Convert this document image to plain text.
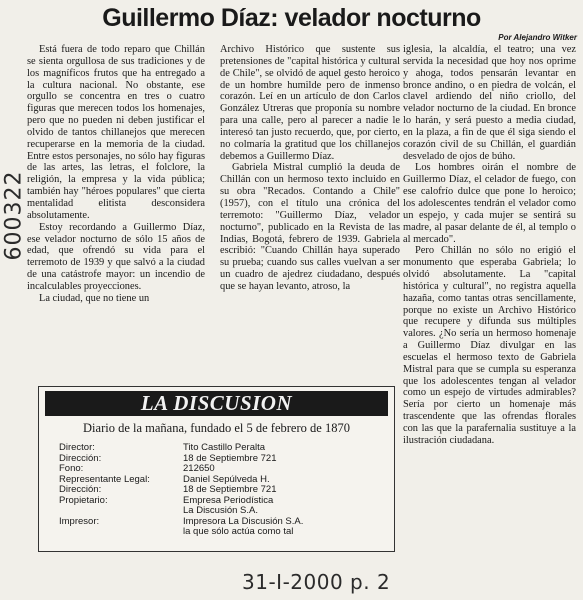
Guillermo Díaz: velador nocturno
Por Alejandro Witker
600322

Está fuera de todo reparo que Chillán se sienta orgullosa de sus tradiciones y de los magníficos frutos que ha entregado a la cultura nacional. No obstante, ese orgullo se concentra en tres o cuatro figuras que merecen todos los homenajes, pero que no pueden ni deben justificar el olvido de tantos chillanejos que merecen recuperarse en la memoria de la ciudad. Entre estos personajes, no sólo hay figuras de las artes, las letras, el folclore, la religión, la empresa y la vida pública; también hay "héroes populares" que cierta mentalidad elitista desconsidera absolutamente.

Estoy recordando a Guillermo Díaz, ese velador nocturno de sólo 15 años de edad, que ofrendó su vida para el terremoto de 1939 y que salvó a la ciudad de una catástrofe mayor: un incendio de incalculables proyecciones.

La ciudad, que no tiene un

Archivo Histórico que sustente sus pretensiones de "capital histórica y cultural de Chile", se olvidó de aquel gesto heroico de un hombre humilde pero de inmenso corazón. Leí en un artículo de don Carlos González Utreras que proponía su nombre para una calle, pero al parecer a nadie le interesó tan justo recuerdo, que, por cierto, no colmaría la gratitud que los chillanejos debemos a Guillermo Díaz.

Gabriela Mistral cumplió la deuda de Chillán con un hermoso texto incluido en su obra "Recados. Contando a Chile" (1957), con el título una crónica del terremoto: "Guillermo Díaz, velador nocturno", publicado en la Revista de las Indias, Bogotá, febrero de 1939. Gabriela escribió: "Cuando Chillán haya superado su prueba; cuando sus calles vuelvan a ser un cuadro de ajedrez ciudadano, después que se hayan levanto, atroso, la

iglesia, la alcaldía, el teatro; una vez servida la necesidad que hoy nos oprime y ahoga, todos pensarán levantar en bronce andino, o en piedra de volcán, el clavel ardiendo del niño criollo, del velador nocturno de la ciudad. En bronce lo harán, y será puesto a media ciudad, en la plaza, a fin de que él siga siendo el corazón civil de su Chillán, el guardián desvelado de ojos de búho.

Los hombres oirán el nombre de Guillermo Díaz, el celador de fuego, con ese calofrío dulce que pone lo heroico; los adolescentes tendrán el velador como un espejo, y cada mujer se sentirá su madre, al pasar delante de él, al templo o al mercado".

Pero Chillán no sólo no erigió el monumento que esperaba Gabriela; lo olvidó absolutamente. La "capital histórica y cultural", no registra aquella hazaña, como tantas otras sencillamente, porque no existe un Archivo Histórico que recupere y difunda sus múltiples valores. ¿No sería un hermoso homenaje a Guillermo Díaz divulgar en las escuelas el hermoso texto de Gabriela Mistral para que se cumpla su esperanza que los adolescentes tengan al velador como un espejo de virtudes admirables? Sería por cierto un homenaje más trascendente que las ofrendas florales con las que la parafernalia sustituye a la ilustración ciudadana.

LA DISCUSION
Diario de la mañana, fundado el 5 de febrero de 1870
Director:	Tito Castillo Peralta
Dirección:	18 de Septiembre 721
Fono:	212650
Representante Legal:	Daniel Sepúlveda H.
Dirección:	18 de Septiembre 721
Propietario:	Empresa Periodística
	La Discusión S.A.
Impresor:	Impresora La Discusión S.A.
	la que sólo actúa como tal
31-I-2000 p. 2
